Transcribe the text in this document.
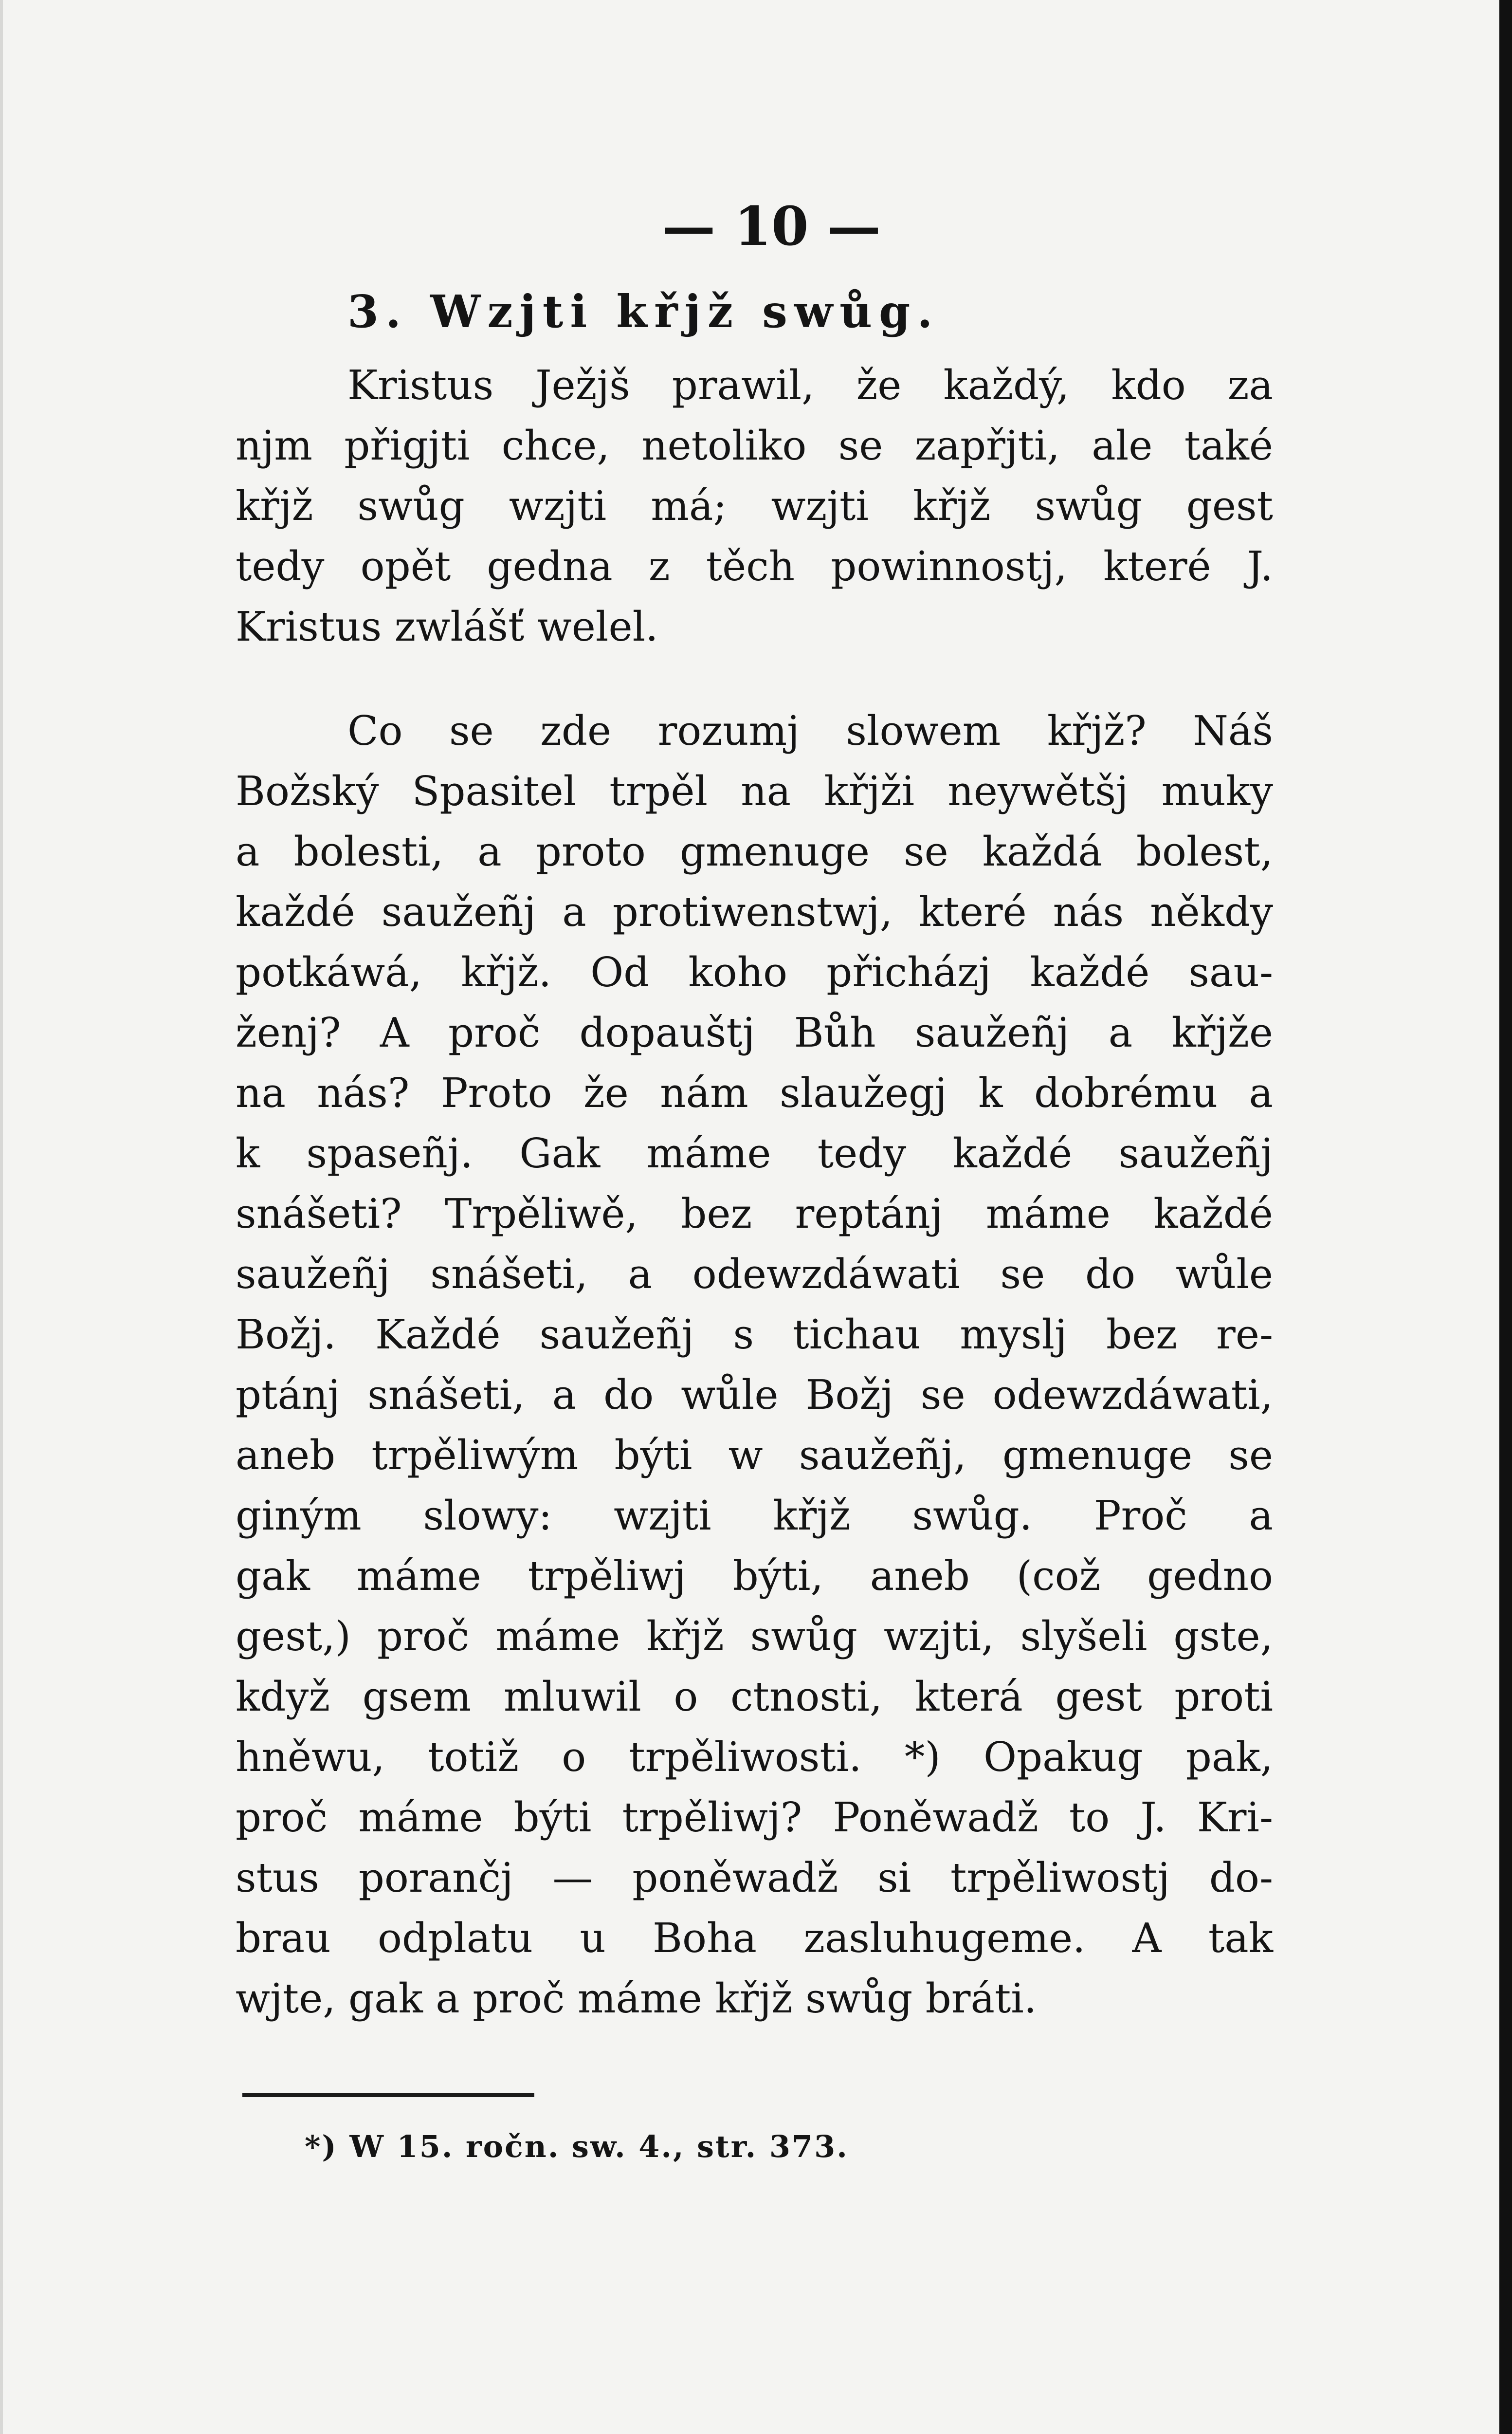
— 10 —
3. Wzjti křjž swůg.
Kristus Ježjš prawil, že každý, kdo za
njm přigjti chce, netoliko se zapřjti, ale také
křjž swůg wzjti má; wzjti křjž swůg gest
tedy opět gedna z těch powinnostj, které J.
Kristus zwlášť welel.
Co se zde rozumj slowem křjž? Náš
Božský Spasitel trpěl na křjži neywětšj muky
a bolesti, a proto gmenuge se každá bolest,
každé saužeñj a protiwenstwj, které nás někdy
potkáwá, křjž. Od koho přicházj každé sau-
ženj? A proč dopauštj Bůh saužeñj a křjže
na nás? Proto že nám slaužegj k dobrému a
k spaseñj. Gak máme tedy každé saužeñj
snášeti? Trpěliwě, bez reptánj máme každé
saužeñj snášeti, a odewzdáwati se do wůle
Božj. Každé saužeñj s tichau myslj bez re-
ptánj snášeti, a do wůle Božj se odewzdáwati,
aneb trpěliwým býti w saužeñj, gmenuge se
giným slowy: wzjti křjž swůg. Proč a
gak máme trpěliwj býti, aneb (což gedno
gest,) proč máme křjž swůg wzjti, slyšeli gste,
když gsem mluwil o ctnosti, která gest proti
hněwu, totiž o trpěliwosti. *) Opakug pak,
proč máme býti trpěliwj? Poněwadž to J. Kri-
stus porančj — poněwadž si trpěliwostj do-
brau odplatu u Boha zasluhugeme. A tak
wjte, gak a proč máme křjž swůg bráti.
*) W 15. ročn. sw. 4., str. 373.
